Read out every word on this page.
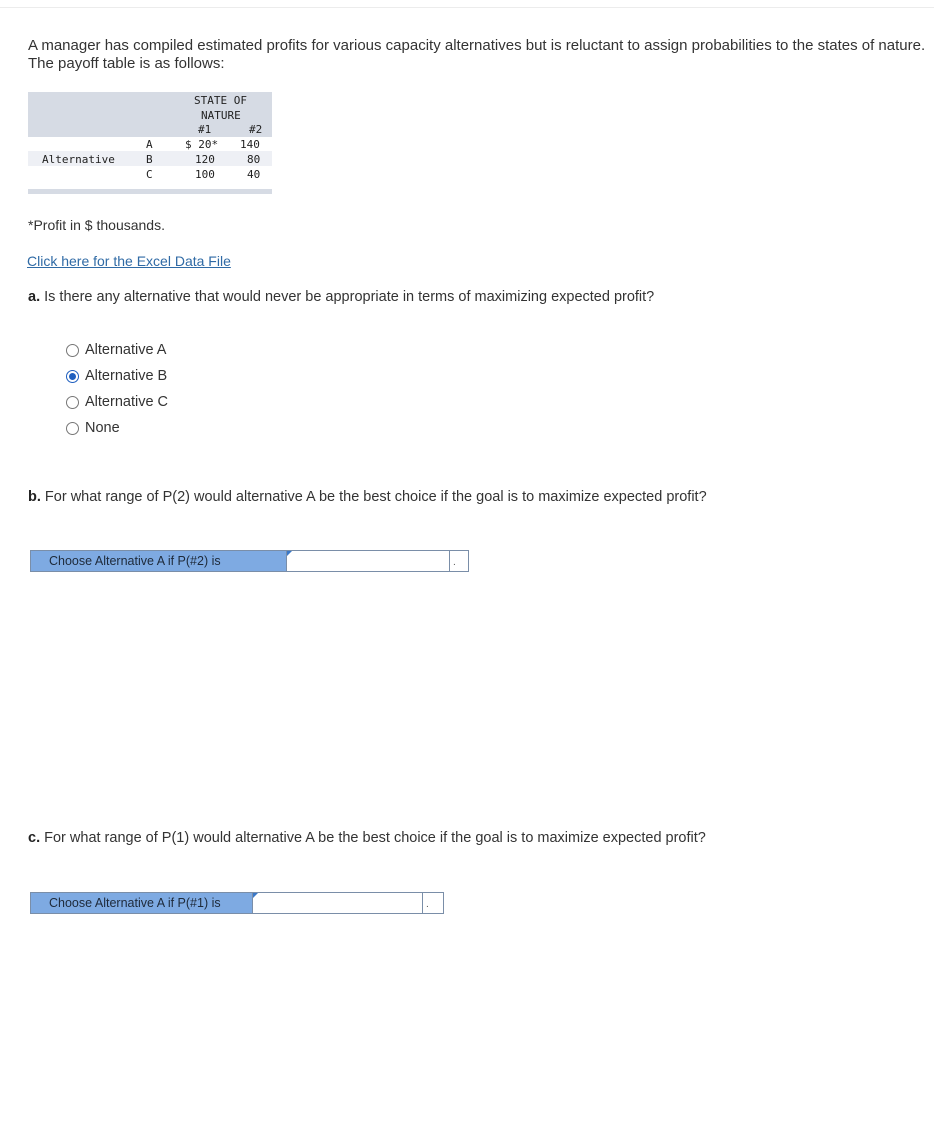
A manager has compiled estimated profits for various capacity alternatives but is reluctant to assign probabilities to the states of nature. The payoff table is as follows:
STATE OF
NATURE
#1	#2
A	$ 20* 140
Alternative	B	120	80
C	100	40
*Profit in $ thousands.
Click here for the Excel Data File
a. Is there any alternative that would never be appropriate in terms of maximizing expected profit?
Alternative A
Alternative B
Alternative C
None
b. For what range of P(2) would alternative A be the best choice if the goal is to maximize expected profit?
Choose Alternative A if P(#2) is	.
c. For what range of P(1) would alternative A be the best choice if the goal is to maximize expected profit?
Choose Alternative A if P(#1) is	.
